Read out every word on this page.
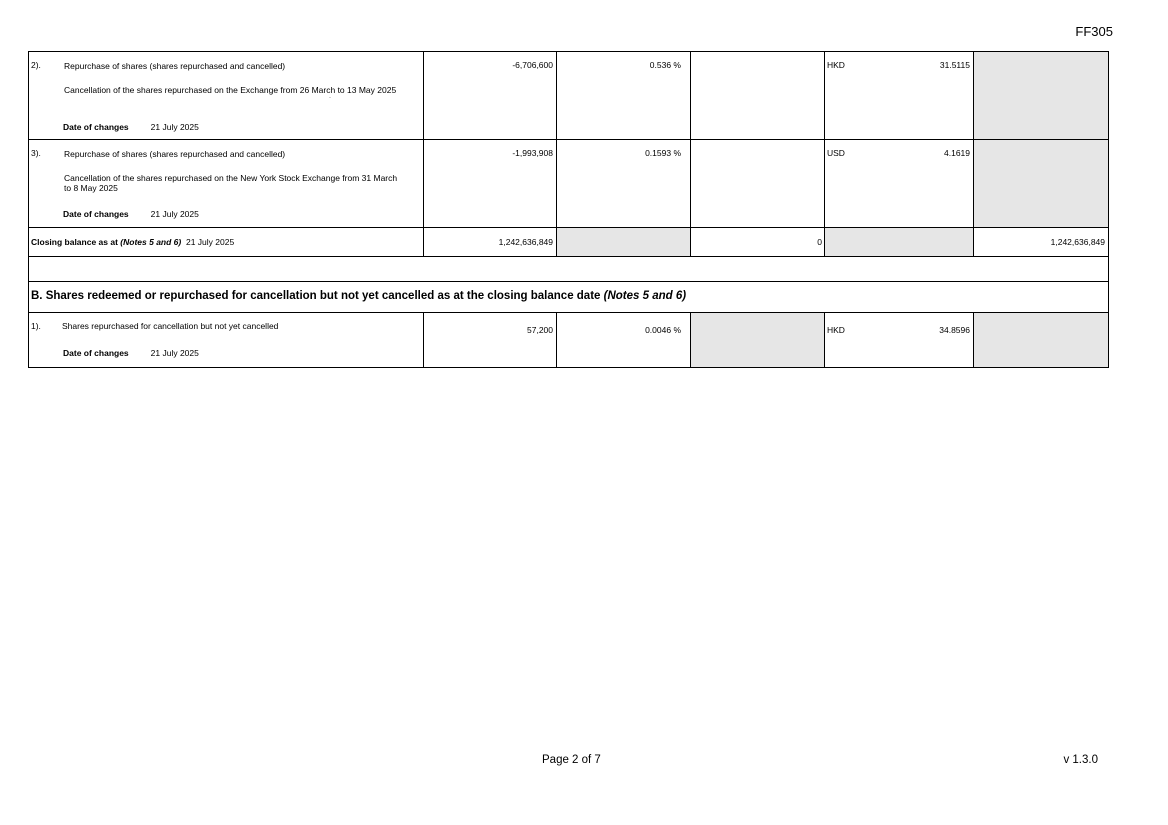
FF305
2).	Repurchase of shares (shares repurchased and cancelled)
Cancellation of the shares repurchased on the Exchange from 26 March to 13 May 2025
·
Date of changes	21 July 2025
-6,706,600	0.536 %	HKD	31.5115
3).	Repurchase of shares (shares repurchased and cancelled)
Cancellation of the shares repurchased on the New York Stock Exchange from 31 March to 8 May 2025
Date of changes	21 July 2025
-1,993,908	0.1593 %	USD	4.1619
Closing balance as at (Notes 5 and 6) 21 July 2025	1,242,636,849	0	1,242,636,849
B. Shares redeemed or repurchased for cancellation but not yet cancelled as at the closing balance date (Notes 5 and 6)
1). Shares repurchased for cancellation but not yet cancelled
Date of changes	21 July 2025
57,200	0.0046 %	HKD	34.8596
Page 2 of 7	v 1.3.0
